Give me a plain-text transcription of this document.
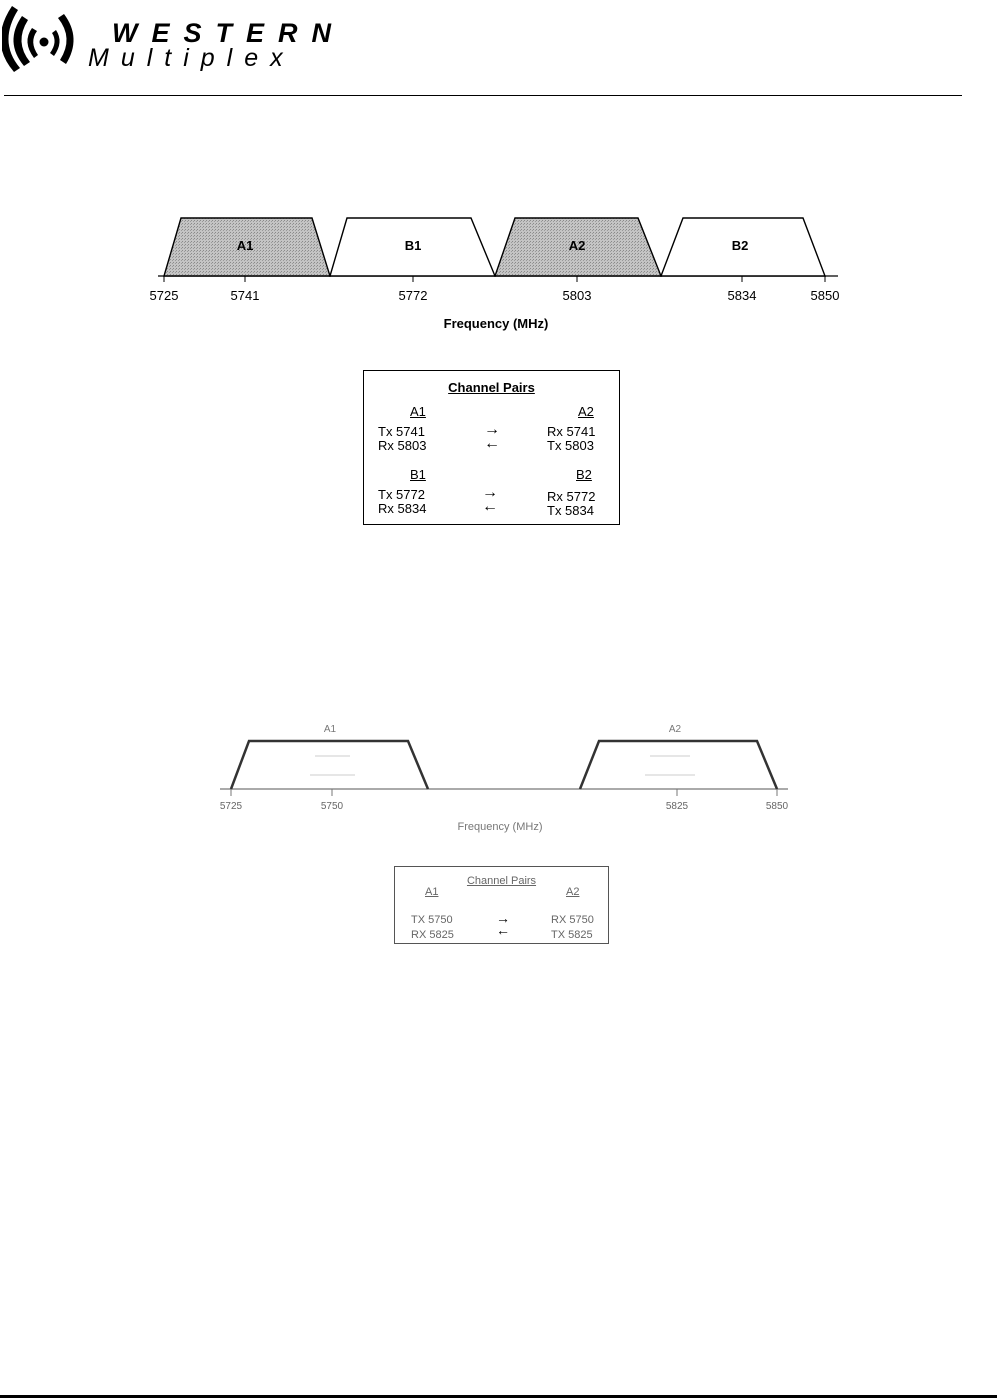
WESTERN
Multiplex
A1	B1	A2	B2
5725	5741	5772	5803	5834	5850
Frequency (MHz)
Channel Pairs
A1	A2
Tx 5741	→	Rx 5741
Rx 5803	←	Tx 5803
B1	B2
Tx 5772	→	Rx 5772
Rx 5834	←	Tx 5834
A1	A2
5725	5750	5825	5850
Frequency (MHz)
Channel Pairs
A1	A2
TX 5750	→	RX 5750
RX 5825	←	TX 5825
